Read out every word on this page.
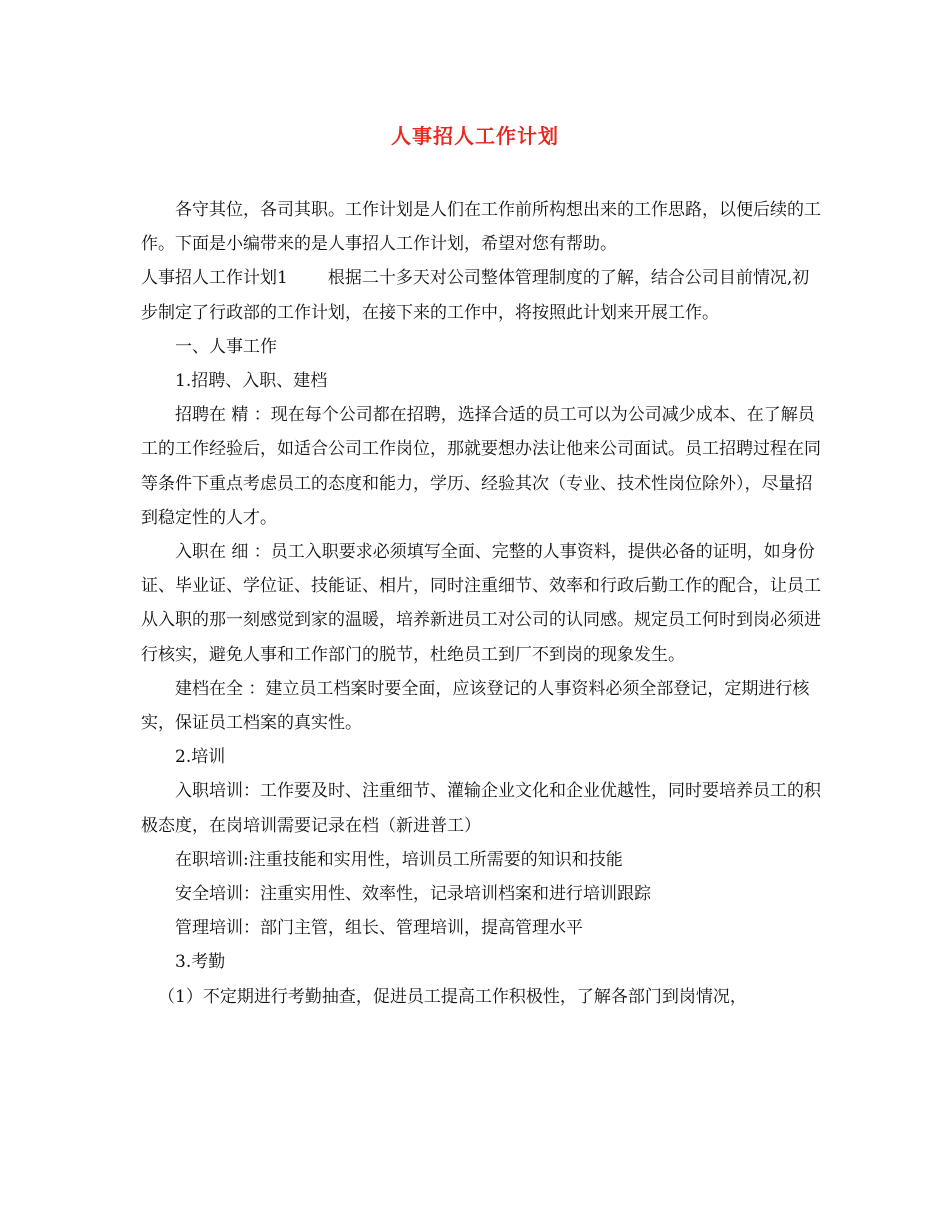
人事招人工作计划

各守其位，各司其职。工作计划是人们在工作前所构想出来的工作思路，以便后续的工作。下面是小编带来的是人事招人工作计划，希望对您有帮助。

人事招人工作计划1 根据二十多天对公司整体管理制度的了解，结合公司目前情况,初步制定了行政部的工作计划，在接下来的工作中，将按照此计划来开展工作。

一、人事工作

1.招聘、入职、建档

招聘在 精 ：现在每个公司都在招聘，选择合适的员工可以为公司减少成本、在了解员工的工作经验后，如适合公司工作岗位，那就要想办法让他来公司面试。员工招聘过程在同等条件下重点考虑员工的态度和能力，学历、经验其次（专业、技术性岗位除外），尽量招到稳定性的人才。

入职在 细 ：员工入职要求必须填写全面、完整的人事资料，提供必备的证明，如身份证、毕业证、学位证、技能证、相片，同时注重细节、效率和行政后勤工作的配合，让员工从入职的那一刻感觉到家的温暖，培养新进员工对公司的认同感。规定员工何时到岗必须进行核实，避免人事和工作部门的脱节，杜绝员工到厂不到岗的现象发生。

建档在全 ：建立员工档案时要全面，应该登记的人事资料必须全部登记，定期进行核实，保证员工档案的真实性。

2.培训

入职培训：工作要及时、注重细节、灌输企业文化和企业优越性，同时要培养员工的积极态度，在岗培训需要记录在档（新进普工）

在职培训:注重技能和实用性，培训员工所需要的知识和技能

安全培训：注重实用性、效率性，记录培训档案和进行培训跟踪

管理培训：部门主管，组长、管理培训，提高管理水平

3.考勤

（1）不定期进行考勤抽查，促进员工提高工作积极性，了解各部门到岗情况，
